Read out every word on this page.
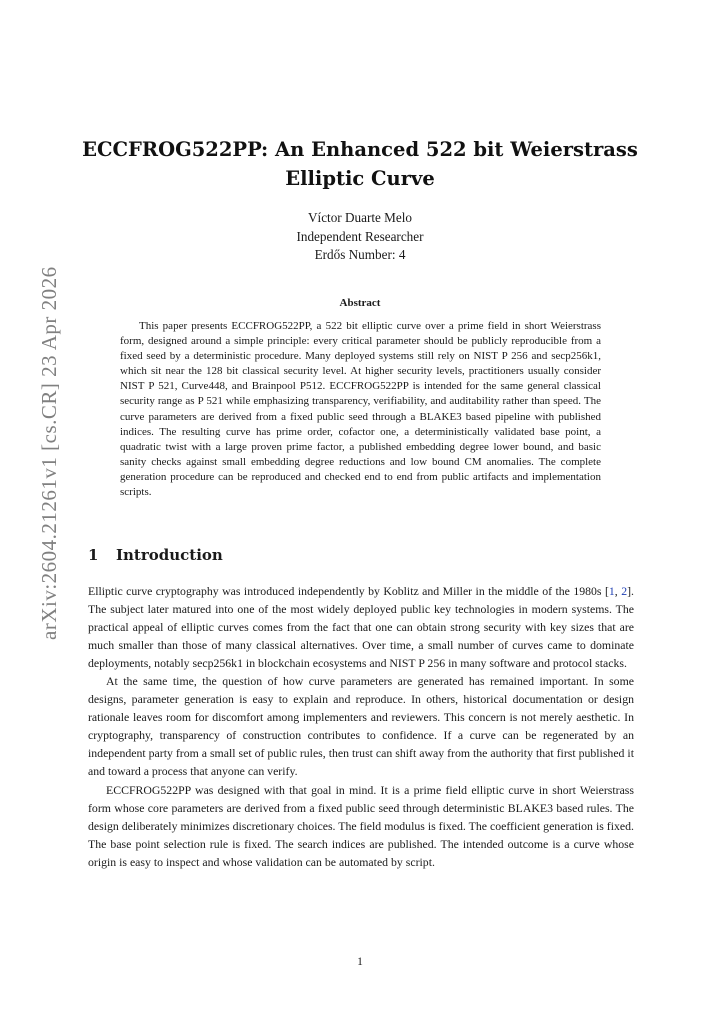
arXiv:2604.21261v1 [cs.CR] 23 Apr 2026
ECCFROG522PP: An Enhanced 522 bit Weierstrass
Elliptic Curve
Víctor Duarte Melo
Independent Researcher
Erdős Number: 4
Abstract

This paper presents ECCFROG522PP, a 522 bit elliptic curve over a prime field in short Weierstrass form, designed around a simple principle: every critical parameter should be publicly reproducible from a fixed seed by a deterministic procedure. Many deployed systems still rely on NIST P 256 and secp256k1, which sit near the 128 bit classical security level. At higher security levels, practitioners usually consider NIST P 521, Curve448, and Brainpool P512. ECCFROG522PP is intended for the same general classical security range as P 521 while emphasizing transparency, verifiability, and auditability rather than speed. The curve parameters are derived from a fixed public seed through a BLAKE3 based pipeline with published indices. The resulting curve has prime order, cofactor one, a deterministically validated base point, a quadratic twist with a large proven prime factor, a published embedding degree lower bound, and basic sanity checks against small embedding degree reductions and low bound CM anomalies. The complete generation procedure can be reproduced and checked end to end from public artifacts and implementation scripts.

1 Introduction

Elliptic curve cryptography was introduced independently by Koblitz and Miller in the middle of the 1980s [1, 2]. The subject later matured into one of the most widely deployed public key technologies in modern systems. The practical appeal of elliptic curves comes from the fact that one can obtain strong security with key sizes that are much smaller than those of many classical alternatives. Over time, a small number of curves came to dominate deployments, notably secp256k1 in blockchain ecosystems and NIST P 256 in many software and protocol stacks.

At the same time, the question of how curve parameters are generated has remained important. In some designs, parameter generation is easy to explain and reproduce. In others, historical documentation or design rationale leaves room for discomfort among implementers and reviewers. This concern is not merely aesthetic. In cryptography, transparency of construction contributes to confidence. If a curve can be regenerated by an independent party from a small set of public rules, then trust can shift away from the authority that first published it and toward a process that anyone can verify.

ECCFROG522PP was designed with that goal in mind. It is a prime field elliptic curve in short Weierstrass form whose core parameters are derived from a fixed public seed through deterministic BLAKE3 based rules. The design deliberately minimizes discretionary choices. The field modulus is fixed. The coefficient generation is fixed. The base point selection rule is fixed. The search indices are published. The intended outcome is a curve whose origin is easy to inspect and whose validation can be automated by script.

1
